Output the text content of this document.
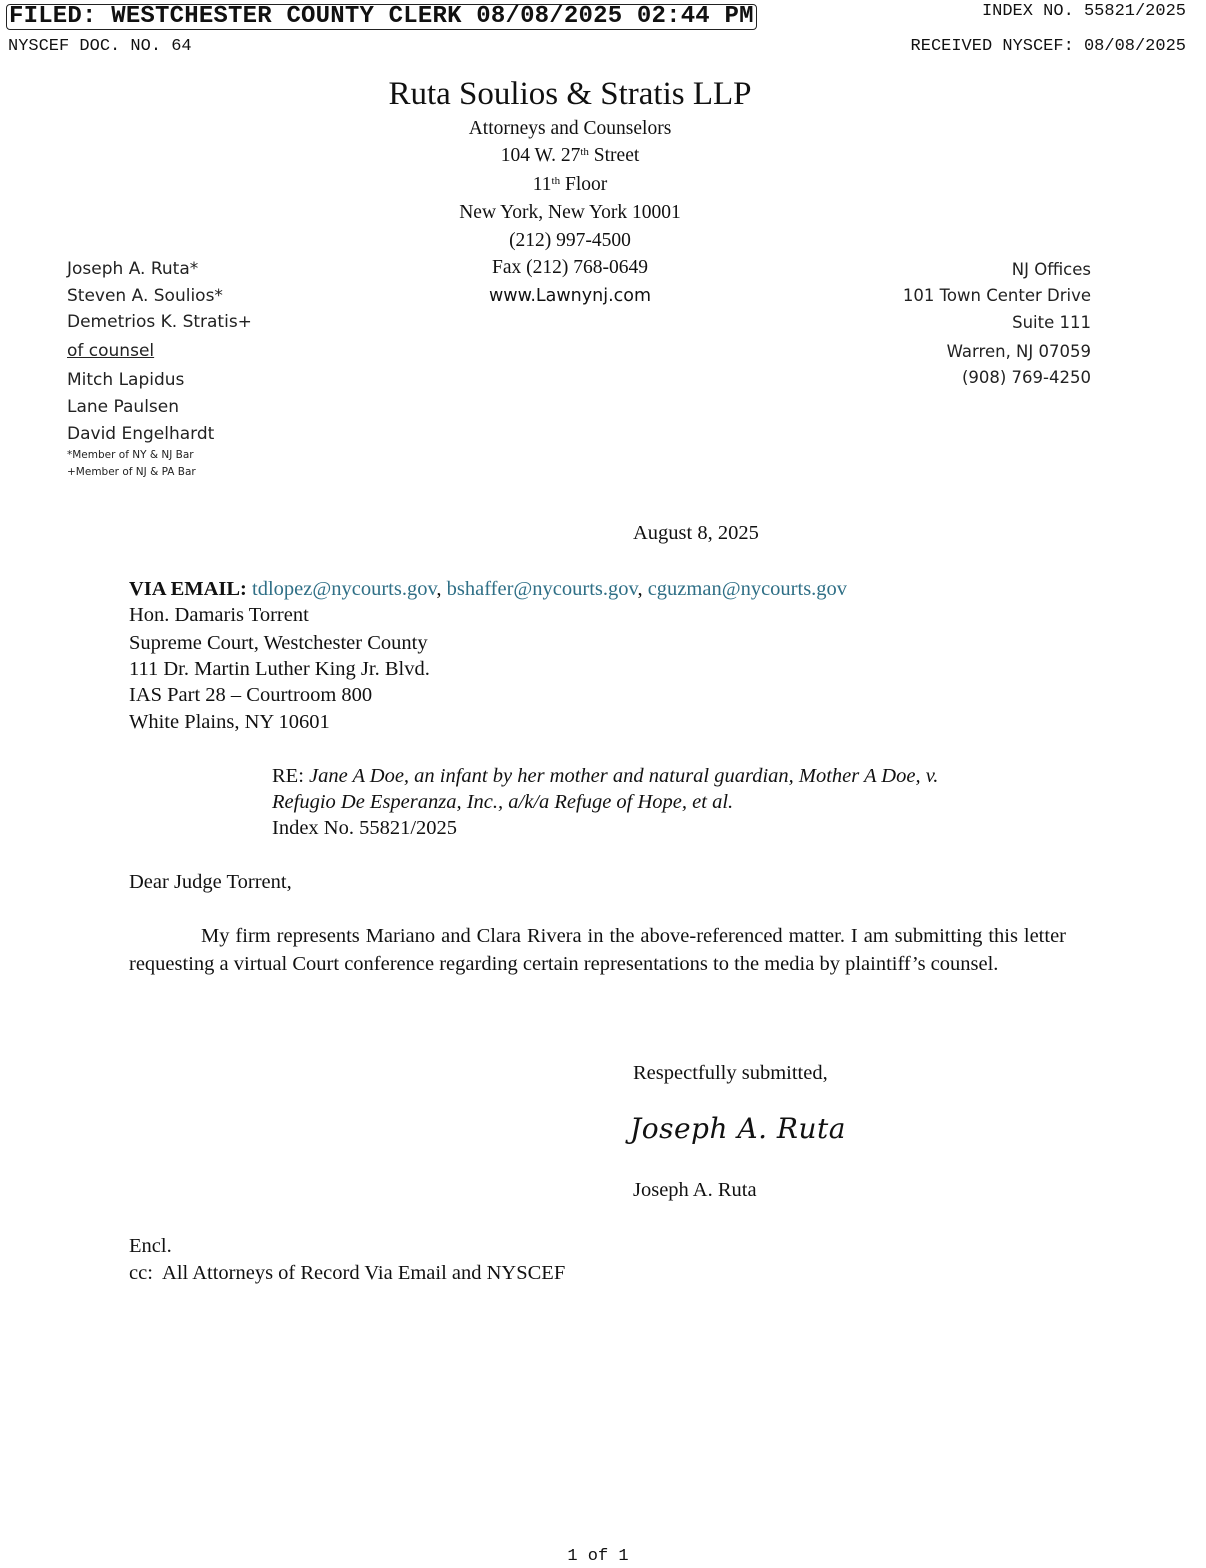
FILED: WESTCHESTER COUNTY CLERK 08/08/2025 02:44 PM	INDEX NO. 55821/2025
NYSCEF DOC. NO. 64	RECEIVED NYSCEF: 08/08/2025
Ruta Soulios & Stratis LLP
Attorneys and Counselors
104 W. 27th Street
11th Floor
New York, New York 10001
(212) 997-4500
Fax (212) 768-0649
www.Lawnynj.com
Joseph A. Ruta*
Steven A. Soulios*
Demetrios K. Stratis+
of counsel
Mitch Lapidus
Lane Paulsen
David Engelhardt
*Member of NY & NJ Bar
+Member of NJ & PA Bar
NJ Offices
101 Town Center Drive
Suite 111
Warren, NJ 07059
(908) 769-4250
August 8, 2025
VIA EMAIL: tdlopez@nycourts.gov, bshaffer@nycourts.gov, cguzman@nycourts.gov
Hon. Damaris Torrent
Supreme Court, Westchester County
111 Dr. Martin Luther King Jr. Blvd.
IAS Part 28 – Courtroom 800
White Plains, NY 10601
RE: Jane A Doe, an infant by her mother and natural guardian, Mother A Doe, v.
Refugio De Esperanza, Inc., a/k/a Refuge of Hope, et al.
Index No. 55821/2025
Dear Judge Torrent,
My firm represents Mariano and Clara Rivera in the above-referenced matter. I am submitting this letter requesting a virtual Court conference regarding certain representations to the media by plaintiff’s counsel.
Respectfully submitted,
Joseph A. Ruta
Joseph A. Ruta
Encl.
cc:  All Attorneys of Record Via Email and NYSCEF
1 of 1
